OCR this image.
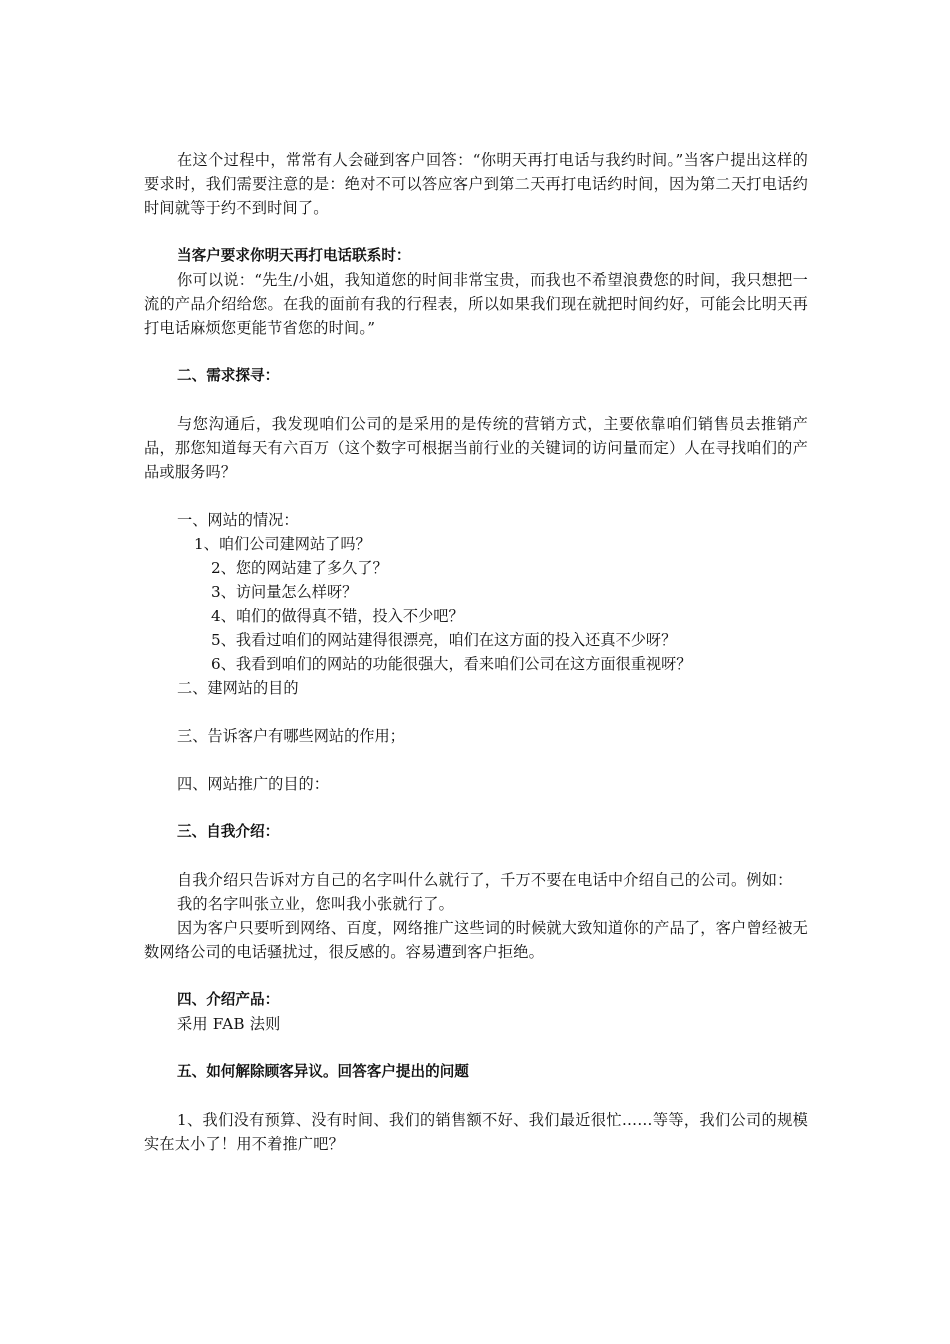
在这个过程中，常常有人会碰到客户回答：“你明天再打电话与我约时间。”当客户提出这样的要求时，我们需要注意的是：绝对不可以答应客户到第二天再打电话约时间，因为第二天打电话约时间就等于约不到时间了。

当客户要求你明天再打电话联系时：

你可以说：“先生/小姐，我知道您的时间非常宝贵，而我也不希望浪费您的时间，我只想把一流的产品介绍给您。在我的面前有我的行程表，所以如果我们现在就把时间约好，可能会比明天再打电话麻烦您更能节省您的时间。”

二、需求探寻：

与您沟通后，我发现咱们公司的是采用的是传统的营销方式，主要依靠咱们销售员去推销产品，那您知道每天有六百万（这个数字可根据当前行业的关键词的访问量而定）人在寻找咱们的产品或服务吗？

一、网站的情况：

1、咱们公司建网站了吗？

2、您的网站建了多久了？

3、访问量怎么样呀？

4、咱们的做得真不错，投入不少吧？

5、我看过咱们的网站建得很漂亮，咱们在这方面的投入还真不少呀？

6、我看到咱们的网站的功能很强大，看来咱们公司在这方面很重视呀？

二、建网站的目的

三、告诉客户有哪些网站的作用；

四、网站推广的目的：

三、自我介绍：

自我介绍只告诉对方自己的名字叫什么就行了，千万不要在电话中介绍自己的公司。例如：

我的名字叫张立业，您叫我小张就行了。

因为客户只要听到网络、百度，网络推广这些词的时候就大致知道你的产品了，客户曾经被无数网络公司的电话骚扰过，很反感的。容易遭到客户拒绝。

四、介绍产品：

采用 FAB 法则

五、如何解除顾客异议。回答客户提出的问题

1、我们没有预算、没有时间、我们的销售额不好、我们最近很忙……等等，我们公司的规模实在太小了！用不着推广吧？
